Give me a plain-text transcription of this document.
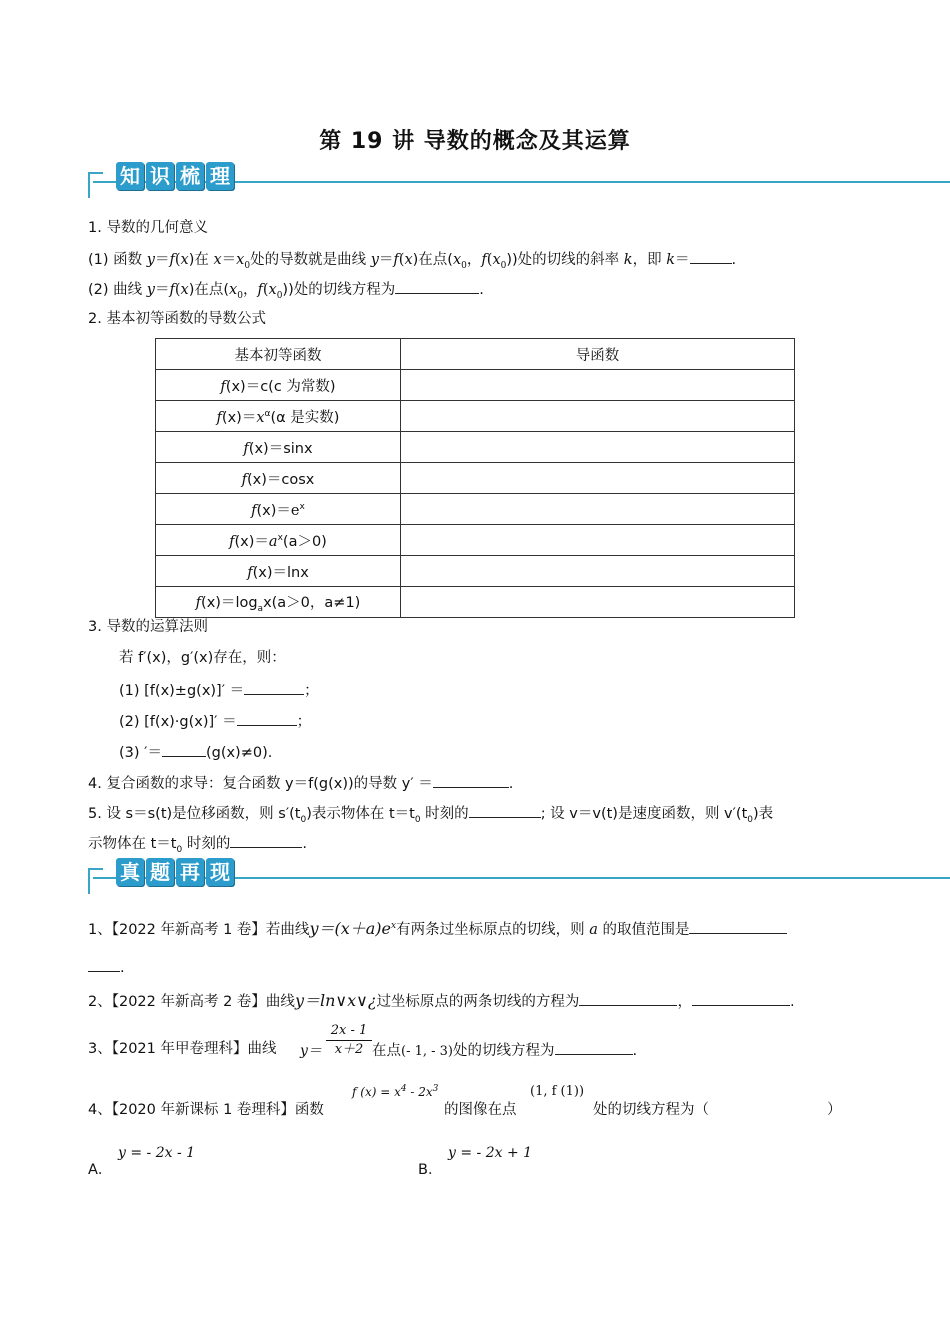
第 19 讲 导数的概念及其运算
知 识 梳 理
1. 导数的几何意义
(1) 函数 y＝f(x)在 $x=x_0$处的导数就是曲线 y＝f(x)在点($x_0$，$f(x_0)$)处的切线的斜率 k，即 k＝	.
(2) 曲线 y＝f(x)在点($x_0$，$f(x_0)$)处的切线方程为	.
2. 基本初等函数的导数公式
基本初等函数	导函数
f(x)＝c(c 为常数)	
$f(x)=x^\alpha(\alpha$ 是实数)	
f(x)＝sinx	
f(x)＝cosx	
$f(x)=e^x$	
$f(x)=a^x(a>0)$	
f(x)＝lnx	
$f(x)=\log_ax(a>0$，a≠1)	
3. 导数的运算法则
若 f′(x)，g′(x)存在，则：
(1) [f(x)±g(x)]′ ＝	；
(2) [f(x)·g(x)]′ ＝	；
(3) ′＝	(g(x)≠0).
4. 复合函数的求导：复合函数 y＝f(g(x))的导数 y′ ＝	.
5. 设 s＝s(t)是位移函数，则 $s'(t_0)$表示物体在 $t=t_0$ 时刻的	; 设 v＝v(t)是速度函数，则 $v'(t_0)$表
示物体在 $t=t_0$ 时刻的	.
真 题 再 现
1、【2022 年新高考 1 卷】若曲线$y=(x+a)e^x$有两条过坐标原点的切线，则 a 的取值范围是
.
2、【2022 年新高考 2 卷】曲线y＝ln∨x∨¿过坐标原点的两条切线的方程为	，	.
3、【2021 年甲卷理科】曲线 $y= \frac{2x - 1}{x+2}$ 在点(- 1, - 3)处的切线方程为	.
4、【2020 年新课标 1 卷理科】函数
f $(x) = x^4 - 2x^3$
的图像在点
(1, f (1))
处的切线方程为（	）
A．
y = - 2x - 1
B．
y = - 2x + 1
